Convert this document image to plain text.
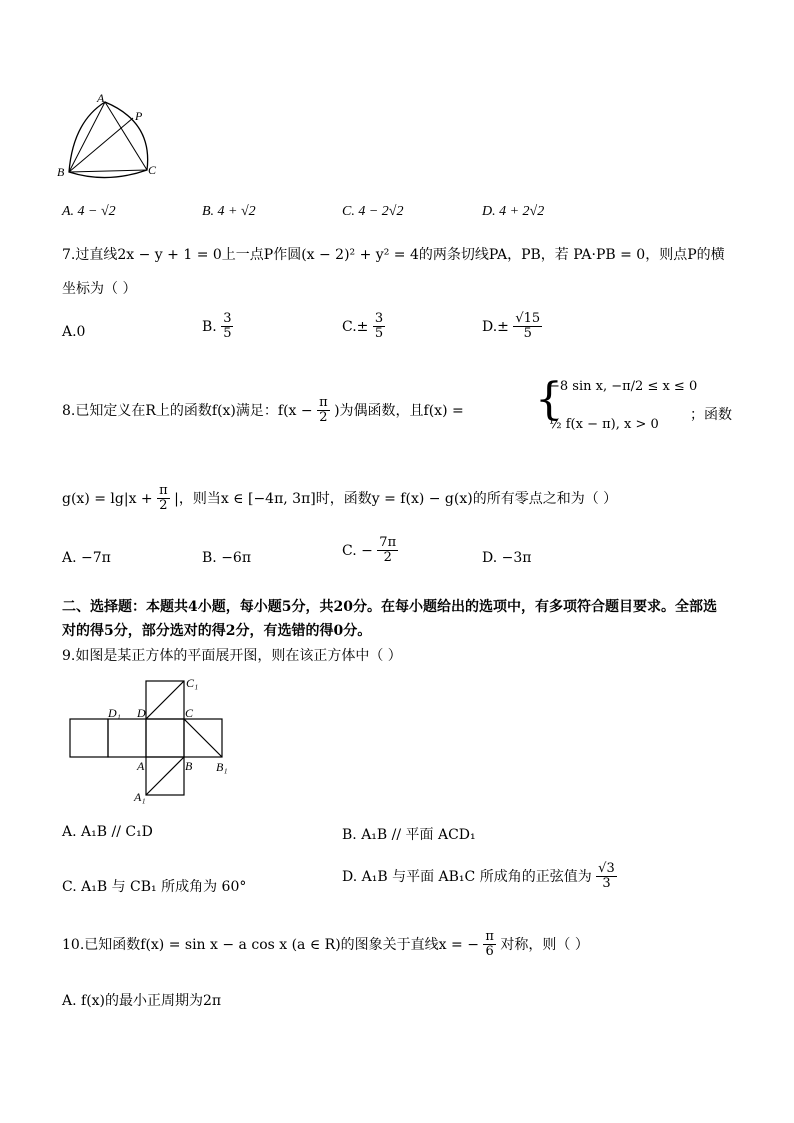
A
P
B	C
A. 4 − √2	B. 4 + √2	C. 4 − 2√2	D. 4 + 2√2
7.过直线2x − y + 1 = 0上一点P作圆(x − 2)² + y² = 4的两条切线PA，PB，若 PA·PB = 0，则点P的横
坐标为（ ）
A.0	B. $\frac{3}{5}$	$C.\pm \frac{3}{5}$	$D.\pm \frac{√15}{5}$
8.已知定义在R上的函数f(x)满足：$f(x - \frac{\pi}{2}$ )为偶函数，且f(x) = {
−8 sin x, −π/2 ≤ x ≤ 0
½ f(x − π), x > 0
；函数
$g(x) = \lg|x + \frac{\pi}{2}$ |，则当x ∈ [−4π, 3π]时，函数y = f(x) − g(x)的所有零点之和为（ ）
A. −7π	B. −6π	C. − $\frac{7\pi}{2}$	D. −3π
二、选择题：本题共4小题，每小题5分，共20分。在每小题给出的选项中，有多项符合题目要求。全部选
对的得5分，部分选对的得2分，有选错的得0分。
9.如图是某正方体的平面展开图，则在该正方体中（ ）
C₁
D₁ D	C
A	B B₁
A₁
A. A₁B // C₁D	B. A₁B // 平面 ACD₁
C. A₁B 与 CB₁ 所成角为 60°
D. A₁B 与平面 AB₁C 所成角的正弦值为 $\frac{√3}{3}$
10.已知函数f(x) = sin x − a cos x (a ∈ R)的图象关于直线x = − $\frac{\pi}{6}$ 对称，则（ ）
A. f(x)的最小正周期为2π
